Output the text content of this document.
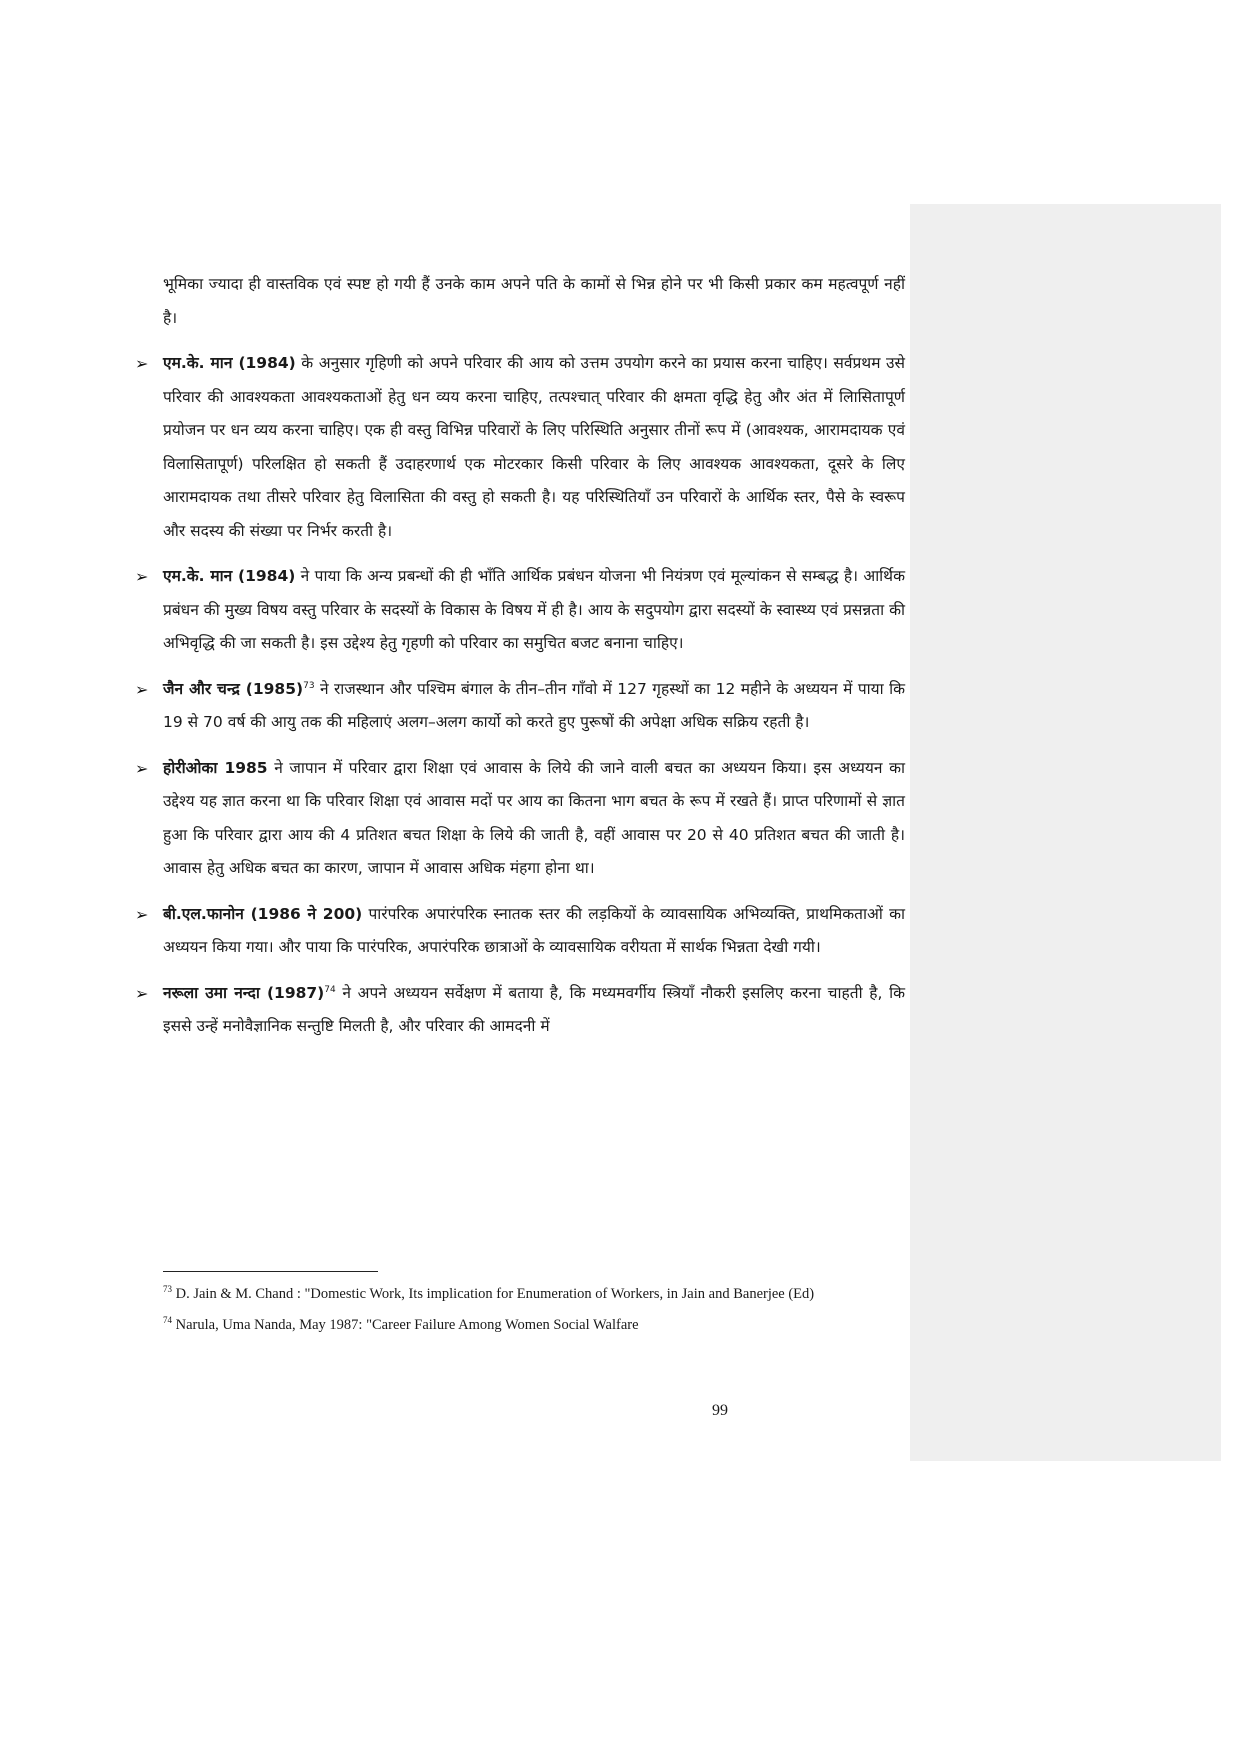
भूमिका ज्यादा ही वास्तविक एवं स्पष्ट हो गयी हैं उनके काम अपने पति के कामों से भिन्न होने पर भी किसी प्रकार कम महत्वपूर्ण नहीं है।

➢ एम.के. मान (1984) के अनुसार गृहिणी को अपने परिवार की आय को उत्तम उपयोग करने का प्रयास करना चाहिए। सर्वप्रथम उसे परिवार की आवश्यकता आवश्यकताओं हेतु धन व्यय करना चाहिए, तत्पश्चात् परिवार की क्षमता वृद्धि हेतु और अंत में लिासितापूर्ण प्रयोजन पर धन व्यय करना चाहिए। एक ही वस्तु विभिन्न परिवारों के लिए परिस्थिति अनुसार तीनों रूप में (आवश्यक, आरामदायक एवं विलासितापूर्ण) परिलक्षित हो सकती हैं उदाहरणार्थ एक मोटरकार किसी परिवार के लिए आवश्यक आवश्यकता, दूसरे के लिए आरामदायक तथा तीसरे परिवार हेतु विलासिता की वस्तु हो सकती है। यह परिस्थितियाँ उन परिवारों के आर्थिक स्तर, पैसे के स्वरूप और सदस्य की संख्या पर निर्भर करती है।

➢ एम.के. मान (1984) ने पाया कि अन्य प्रबन्धों की ही भाँति आर्थिक प्रबंधन योजना भी नियंत्रण एवं मूल्यांकन से सम्बद्ध है। आर्थिक प्रबंधन की मुख्य विषय वस्तु परिवार के सदस्यों के विकास के विषय में ही है। आय के सदुपयोग द्वारा सदस्यों के स्वास्थ्य एवं प्रसन्नता की अभिवृद्धि की जा सकती है। इस उद्देश्य हेतु गृहणी को परिवार का समुचित बजट बनाना चाहिए।

➢ जैन और चन्द्र $(1985)^{73}$ ने राजस्थान और पश्चिम बंगाल के तीन–तीन गाँवो में 127 गृहस्थों का 12 महीने के अध्ययन में पाया कि 19 से 70 वर्ष की आयु तक की महिलाएं अलग–अलग कार्यो को करते हुए पुरूषों की अपेक्षा अधिक सक्रिय रहती है।

➢ होरीओका 1985 ने जापान में परिवार द्वारा शिक्षा एवं आवास के लिये की जाने वाली बचत का अध्ययन किया। इस अध्ययन का उद्देश्य यह ज्ञात करना था कि परिवार शिक्षा एवं आवास मदों पर आय का कितना भाग बचत के रूप में रखते हैं। प्राप्त परिणामों से ज्ञात हुआ कि परिवार द्वारा आय की 4 प्रतिशत बचत शिक्षा के लिये की जाती है, वहीं आवास पर 20 से 40 प्रतिशत बचत की जाती है। आवास हेतु अधिक बचत का कारण, जापान में आवास अधिक मंहगा होना था।

➢ बी.एल.फानोन (1986 ने 200) पारंपरिक अपारंपरिक स्नातक स्तर की लड़कियों के व्यावसायिक अभिव्यक्ति, प्राथमिकताओं का अध्ययन किया गया। और पाया कि पारंपरिक, अपारंपरिक छात्राओं के व्यावसायिक वरीयता में सार्थक भिन्नता देखी गयी।

➢ नरूला उमा नन्दा $(1987)^{74}$ ने अपने अध्ययन सर्वेक्षण में बताया है, कि मध्यमवर्गीय स्त्रियाँ नौकरी इसलिए करना चाहती है, कि इससे उन्हें मनोवैज्ञानिक सन्तुष्टि मिलती है, और परिवार की आमदनी में

$^{73}$ D. Jain & M. Chand : "Domestic Work, Its implication for Enumeration of Workers, in Jain and Banerjee (Ed)

$^{74}$ Narula, Uma Nanda, May 1987: "Career Failure Among Women Social Walfare

99
